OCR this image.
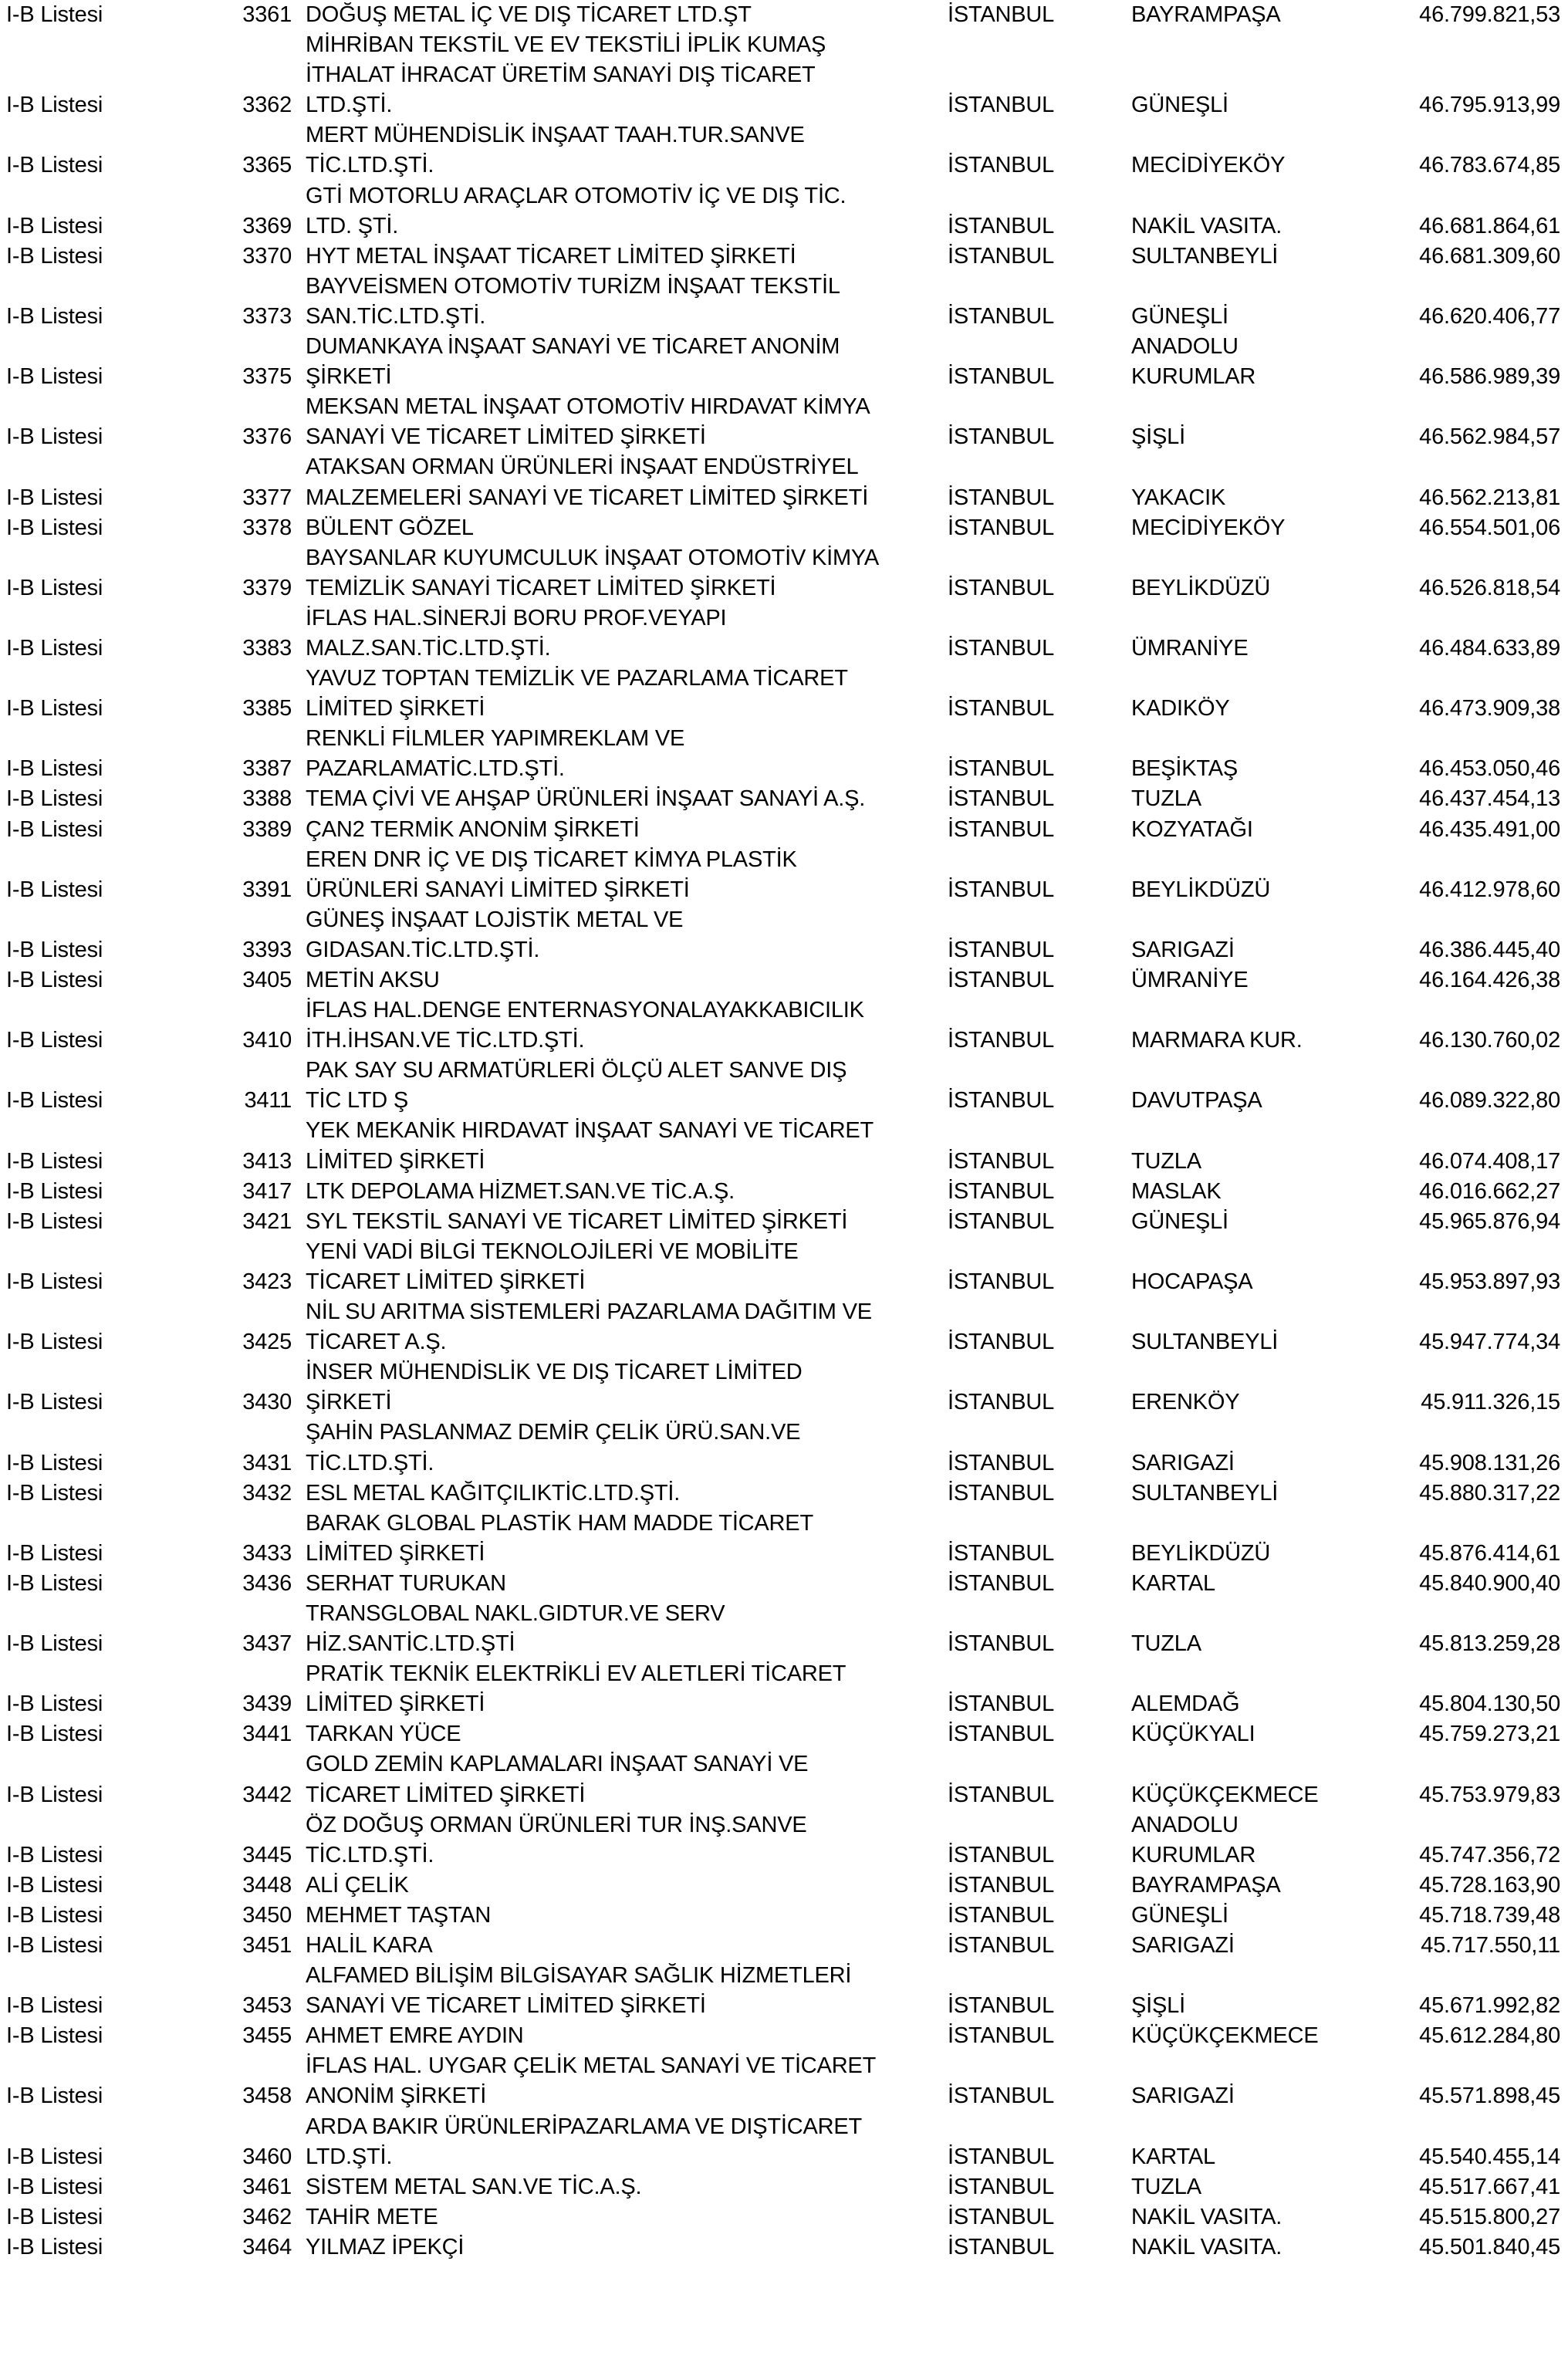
I-B Listesi	3361 DOĞUŞ METAL İÇ VE DIŞ TİCARET LTD.ŞT	İSTANBUL	BAYRAMPAŞA	46.799.821,53
MİHRİBAN TEKSTİL VE EV TEKSTİLİ İPLİK KUMAŞ
İTHALAT İHRACAT ÜRETİM SANAYİ DIŞ TİCARET
I-B Listesi	3362 LTD.ŞTİ.	İSTANBUL	GÜNEŞLİ	46.795.913,99
MERT MÜHENDİSLİK İNŞAAT TAAH.TUR.SANVE
I-B Listesi	3365 TİC.LTD.ŞTİ.	İSTANBUL	MECİDİYEKÖY	46.783.674,85
GTİ MOTORLU ARAÇLAR OTOMOTİV İÇ VE DIŞ TİC.
I-B Listesi	3369 LTD. ŞTİ.	İSTANBUL	NAKİL VASITA.	46.681.864,61
I-B Listesi	3370 HYT METAL İNŞAAT TİCARET LİMİTED ŞİRKETİ	İSTANBUL	SULTANBEYLİ	46.681.309,60
BAYVEİSMEN OTOMOTİV TURİZM İNŞAAT TEKSTİL
I-B Listesi	3373 SAN.TİC.LTD.ŞTİ.	İSTANBUL	GÜNEŞLİ	46.620.406,77
DUMANKAYA İNŞAAT SANAYİ VE TİCARET ANONİM	ANADOLU
I-B Listesi	3375 ŞİRKETİ	İSTANBUL	KURUMLAR	46.586.989,39
MEKSAN METAL İNŞAAT OTOMOTİV HIRDAVAT KİMYA
I-B Listesi	3376 SANAYİ VE TİCARET LİMİTED ŞİRKETİ	İSTANBUL	ŞİŞLİ	46.562.984,57
ATAKSAN ORMAN ÜRÜNLERİ İNŞAAT ENDÜSTRİYEL
I-B Listesi	3377 MALZEMELERİ SANAYİ VE TİCARET LİMİTED ŞİRKETİ	İSTANBUL	YAKACIK	46.562.213,81
I-B Listesi	3378 BÜLENT GÖZEL	İSTANBUL	MECİDİYEKÖY	46.554.501,06
BAYSANLAR KUYUMCULUK İNŞAAT OTOMOTİV KİMYA
I-B Listesi	3379 TEMİZLİK SANAYİ TİCARET LİMİTED ŞİRKETİ	İSTANBUL	BEYLİKDÜZÜ	46.526.818,54
İFLAS HAL.SİNERJİ BORU PROF.VEYAPI
I-B Listesi	3383 MALZ.SAN.TİC.LTD.ŞTİ.	İSTANBUL	ÜMRANİYE	46.484.633,89
YAVUZ TOPTAN TEMİZLİK VE PAZARLAMA TİCARET
I-B Listesi	3385 LİMİTED ŞİRKETİ	İSTANBUL	KADIKÖY	46.473.909,38
RENKLİ FİLMLER YAPIMREKLAM VE
I-B Listesi	3387 PAZARLAMATİC.LTD.ŞTİ.	İSTANBUL	BEŞİKTAŞ	46.453.050,46
I-B Listesi	3388 TEMA ÇİVİ VE AHŞAP ÜRÜNLERİ İNŞAAT SANAYİ A.Ş.	İSTANBUL	TUZLA	46.437.454,13
I-B Listesi	3389 ÇAN2 TERMİK ANONİM ŞİRKETİ	İSTANBUL	KOZYATAĞI	46.435.491,00
EREN DNR İÇ VE DIŞ TİCARET KİMYA PLASTİK
I-B Listesi	3391 ÜRÜNLERİ SANAYİ LİMİTED ŞİRKETİ	İSTANBUL	BEYLİKDÜZÜ	46.412.978,60
GÜNEŞ İNŞAAT LOJİSTİK METAL VE
I-B Listesi	3393 GIDASAN.TİC.LTD.ŞTİ.	İSTANBUL	SARIGAZİ	46.386.445,40
I-B Listesi	3405 METİN AKSU	İSTANBUL	ÜMRANİYE	46.164.426,38
İFLAS HAL.DENGE ENTERNASYONALAYAKKABICILIK
I-B Listesi	3410 İTH.İHSAN.VE TİC.LTD.ŞTİ.	İSTANBUL	MARMARA KUR.	46.130.760,02
PAK SAY SU ARMATÜRLERİ ÖLÇÜ ALET SANVE DIŞ
I-B Listesi	3411 TİC LTD Ş	İSTANBUL	DAVUTPAŞA	46.089.322,80
YEK MEKANİK HIRDAVAT İNŞAAT SANAYİ VE TİCARET
I-B Listesi	3413 LİMİTED ŞİRKETİ	İSTANBUL	TUZLA	46.074.408,17
I-B Listesi	3417 LTK DEPOLAMA HİZMET.SAN.VE TİC.A.Ş.	İSTANBUL	MASLAK	46.016.662,27
I-B Listesi	3421 SYL TEKSTİL SANAYİ VE TİCARET LİMİTED ŞİRKETİ	İSTANBUL	GÜNEŞLİ	45.965.876,94
YENİ VADİ BİLGİ TEKNOLOJİLERİ VE MOBİLİTE
I-B Listesi	3423 TİCARET LİMİTED ŞİRKETİ	İSTANBUL	HOCAPAŞA	45.953.897,93
NİL SU ARITMA SİSTEMLERİ PAZARLAMA DAĞITIM VE
I-B Listesi	3425 TİCARET A.Ş.	İSTANBUL	SULTANBEYLİ	45.947.774,34
İNSER MÜHENDİSLİK VE DIŞ TİCARET LİMİTED
I-B Listesi	3430 ŞİRKETİ	İSTANBUL	ERENKÖY	45.911.326,15
ŞAHİN PASLANMAZ DEMİR ÇELİK ÜRÜ.SAN.VE
I-B Listesi	3431 TİC.LTD.ŞTİ.	İSTANBUL	SARIGAZİ	45.908.131,26
I-B Listesi	3432 ESL METAL KAĞITÇILIKTİC.LTD.ŞTİ.	İSTANBUL	SULTANBEYLİ	45.880.317,22
BARAK GLOBAL PLASTİK HAM MADDE TİCARET
I-B Listesi	3433 LİMİTED ŞİRKETİ	İSTANBUL	BEYLİKDÜZÜ	45.876.414,61
I-B Listesi	3436 SERHAT TURUKAN	İSTANBUL	KARTAL	45.840.900,40
TRANSGLOBAL NAKL.GIDTUR.VE SERV
I-B Listesi	3437 HİZ.SANTİC.LTD.ŞTİ	İSTANBUL	TUZLA	45.813.259,28
PRATİK TEKNİK ELEKTRİKLİ EV ALETLERİ TİCARET
I-B Listesi	3439 LİMİTED ŞİRKETİ	İSTANBUL	ALEMDAĞ	45.804.130,50
I-B Listesi	3441 TARKAN YÜCE	İSTANBUL	KÜÇÜKYALI	45.759.273,21
GOLD ZEMİN KAPLAMALARI İNŞAAT SANAYİ VE
I-B Listesi	3442 TİCARET LİMİTED ŞİRKETİ	İSTANBUL	KÜÇÜKÇEKMECE	45.753.979,83
ÖZ DOĞUŞ ORMAN ÜRÜNLERİ TUR İNŞ.SANVE	ANADOLU
I-B Listesi	3445 TİC.LTD.ŞTİ.	İSTANBUL	KURUMLAR	45.747.356,72
I-B Listesi	3448 ALİ ÇELİK	İSTANBUL	BAYRAMPAŞA	45.728.163,90
I-B Listesi	3450 MEHMET TAŞTAN	İSTANBUL	GÜNEŞLİ	45.718.739,48
I-B Listesi	3451 HALİL KARA	İSTANBUL	SARIGAZİ	45.717.550,11
ALFAMED BİLİŞİM BİLGİSAYAR SAĞLIK HİZMETLERİ
I-B Listesi	3453 SANAYİ VE TİCARET LİMİTED ŞİRKETİ	İSTANBUL	ŞİŞLİ	45.671.992,82
I-B Listesi	3455 AHMET EMRE AYDIN	İSTANBUL	KÜÇÜKÇEKMECE	45.612.284,80
İFLAS HAL. UYGAR ÇELİK METAL SANAYİ VE TİCARET
I-B Listesi	3458 ANONİM ŞİRKETİ	İSTANBUL	SARIGAZİ	45.571.898,45
ARDA BAKIR ÜRÜNLERİPAZARLAMA VE DIŞTİCARET
I-B Listesi	3460 LTD.ŞTİ.	İSTANBUL	KARTAL	45.540.455,14
I-B Listesi	3461 SİSTEM METAL SAN.VE TİC.A.Ş.	İSTANBUL	TUZLA	45.517.667,41
I-B Listesi	3462 TAHİR METE	İSTANBUL	NAKİL VASITA.	45.515.800,27
I-B Listesi	3464 YILMAZ İPEKÇİ	İSTANBUL	NAKİL VASITA.	45.501.840,45
